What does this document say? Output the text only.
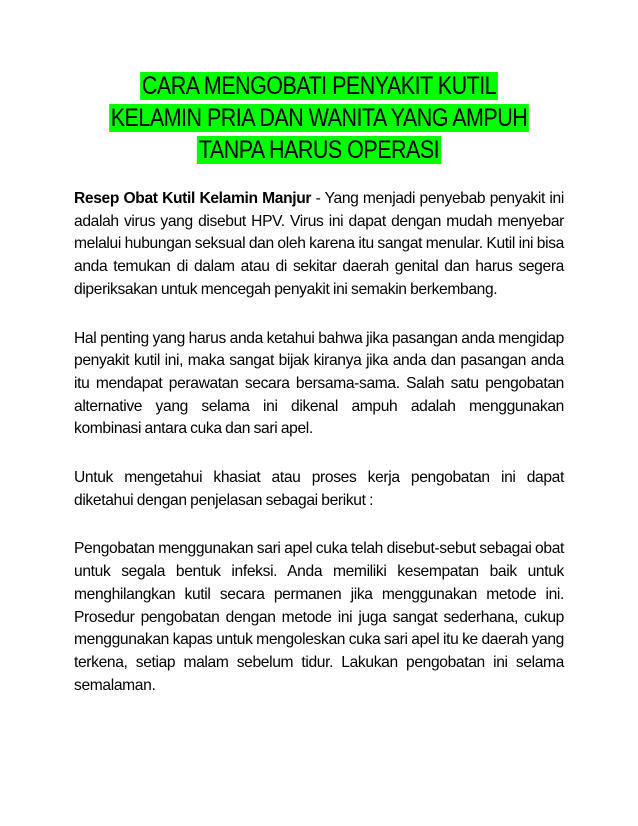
CARA MENGOBATI PENYAKIT KUTIL
KELAMIN PRIA DAN WANITA YANG AMPUH
TANPA HARUS OPERASI

Resep Obat Kutil Kelamin Manjur - Yang menjadi penyebab penyakit ini adalah virus yang disebut HPV. Virus ini dapat dengan mudah menyebar melalui hubungan seksual dan oleh karena itu sangat menular. Kutil ini bisa anda temukan di dalam atau di sekitar daerah genital dan harus segera diperiksakan untuk mencegah penyakit ini semakin berkembang.

Hal penting yang harus anda ketahui bahwa jika pasangan anda mengidap penyakit kutil ini, maka sangat bijak kiranya jika anda dan pasangan anda itu mendapat perawatan secara bersama-sama. Salah satu pengobatan alternative yang selama ini dikenal ampuh adalah menggunakan kombinasi antara cuka dan sari apel.

Untuk mengetahui khasiat atau proses kerja pengobatan ini dapat diketahui dengan penjelasan sebagai berikut :

Pengobatan menggunakan sari apel cuka telah disebut-sebut sebagai obat untuk segala bentuk infeksi. Anda memiliki kesempatan baik untuk menghilangkan kutil secara permanen jika menggunakan metode ini. Prosedur pengobatan dengan metode ini juga sangat sederhana, cukup menggunakan kapas untuk mengoleskan cuka sari apel itu ke daerah yang terkena, setiap malam sebelum tidur. Lakukan pengobatan ini selama semalaman.
